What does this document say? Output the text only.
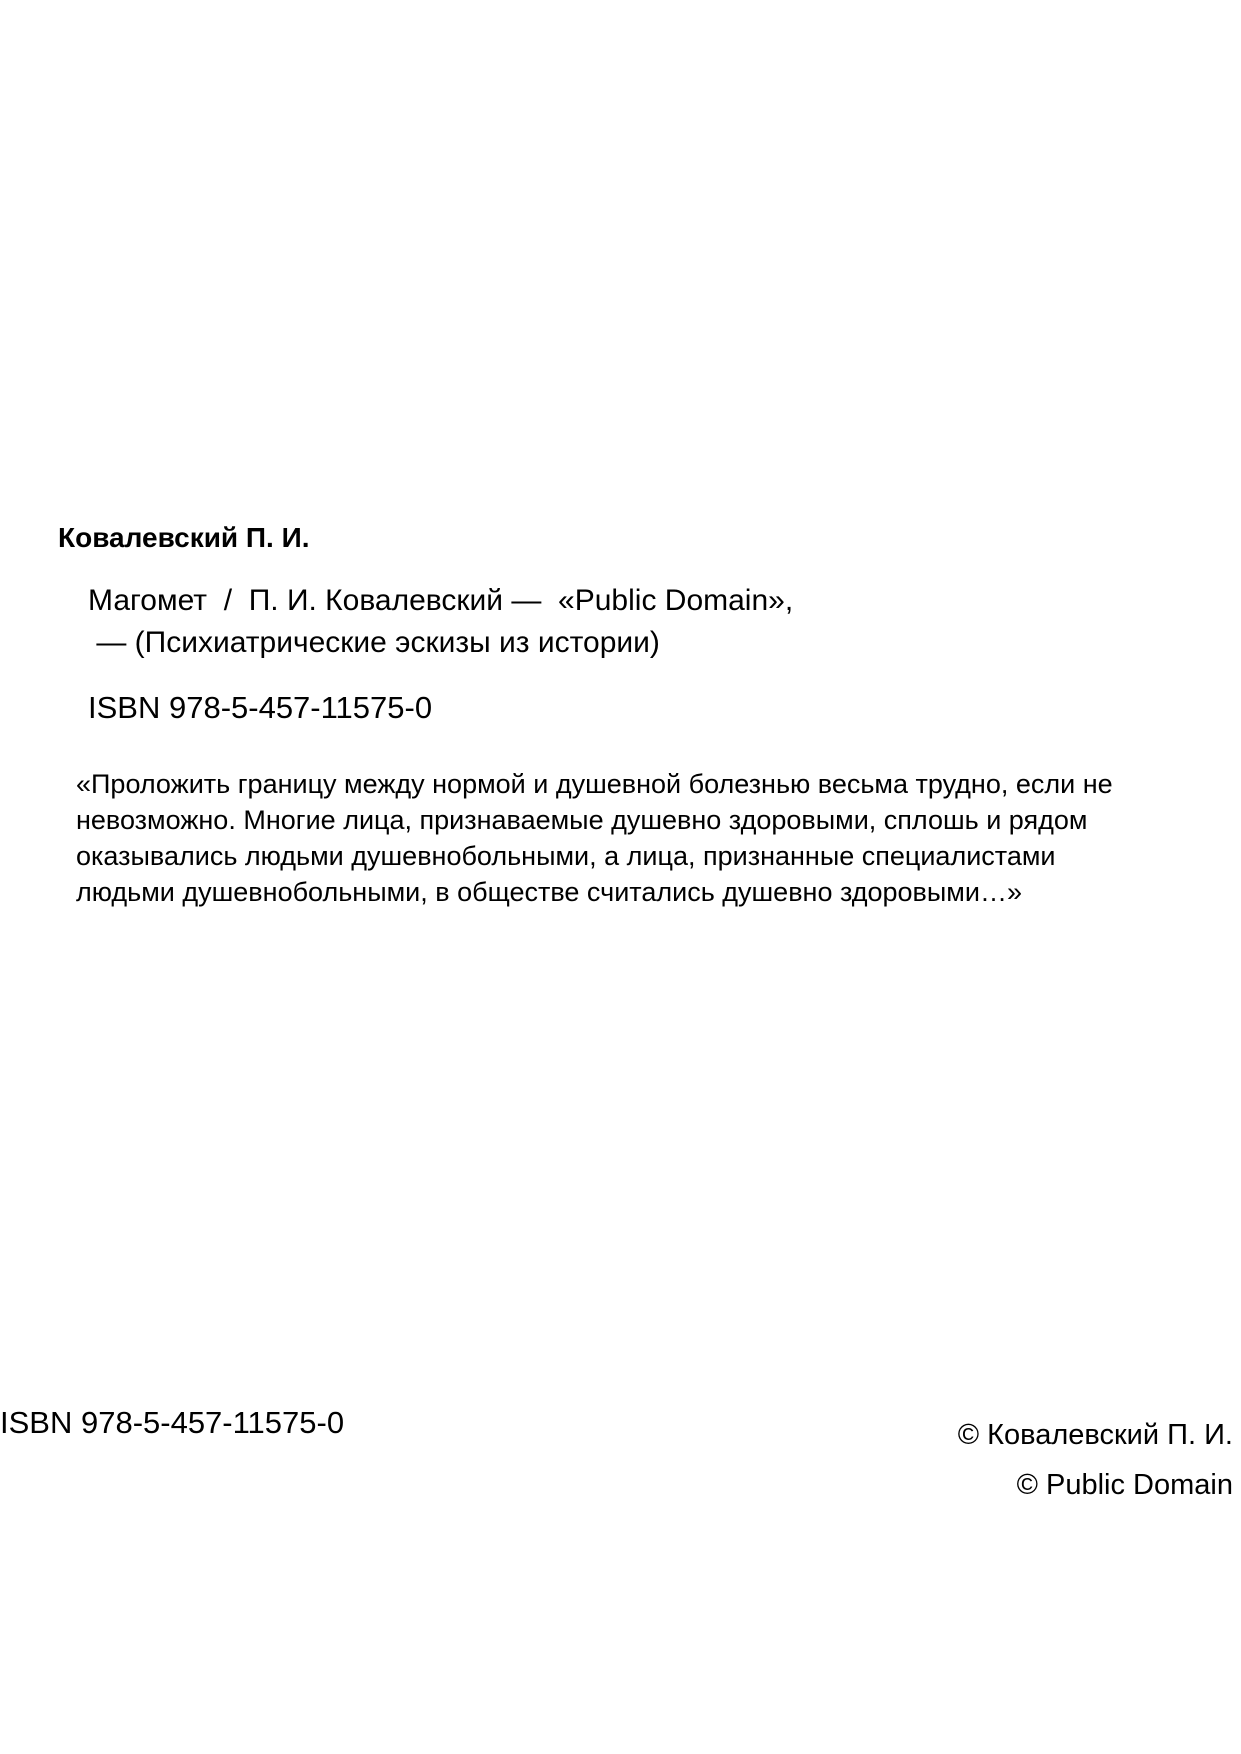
Ковалевский П. И.
Магомет  /  П. И. Ковалевский —  «Public Domain»,
— (Психиатрические эскизы из истории)
ISBN 978-5-457-11575-0
«Проложить границу между нормой и душевной болезнью весьма трудно, если не
невозможно. Многие лица, признаваемые душевно здоровыми, сплошь и рядом
оказывались людьми душевнобольными, а лица, признанные специалистами
людьми душевнобольными, в обществе считались душевно здоровыми…»
ISBN 978-5-457-11575-0	© Ковалевский П. И.
© Public Domain
